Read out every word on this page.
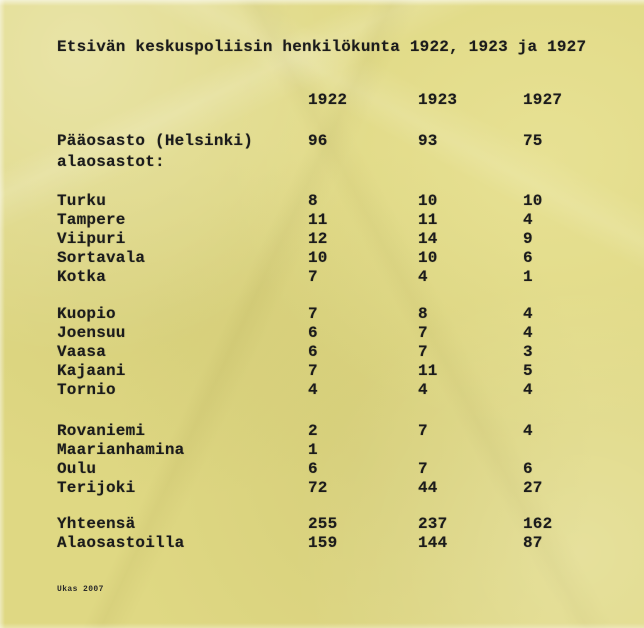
Etsivän keskuspoliisin henkilökunta 1922, 1923 ja 1927
1922	1923	1927
Pääosasto (Helsinki)	96	93	75
alaosastot:
Turku	8	10	10
Tampere	11	11	4
Viipuri	12	14	9
Sortavala	10	10	6
Kotka	7	4	1
Kuopio	7	8	4
Joensuu	6	7	4
Vaasa	6	7	3
Kajaani	7	11	5
Tornio	4	4	4
Rovaniemi	2	7	4
Maarianhamina	1
Oulu	6	7	6
Terijoki	72	44	27
Yhteensä	255	237	162
Alaosastoilla	159	144	87
Ukas 2007
